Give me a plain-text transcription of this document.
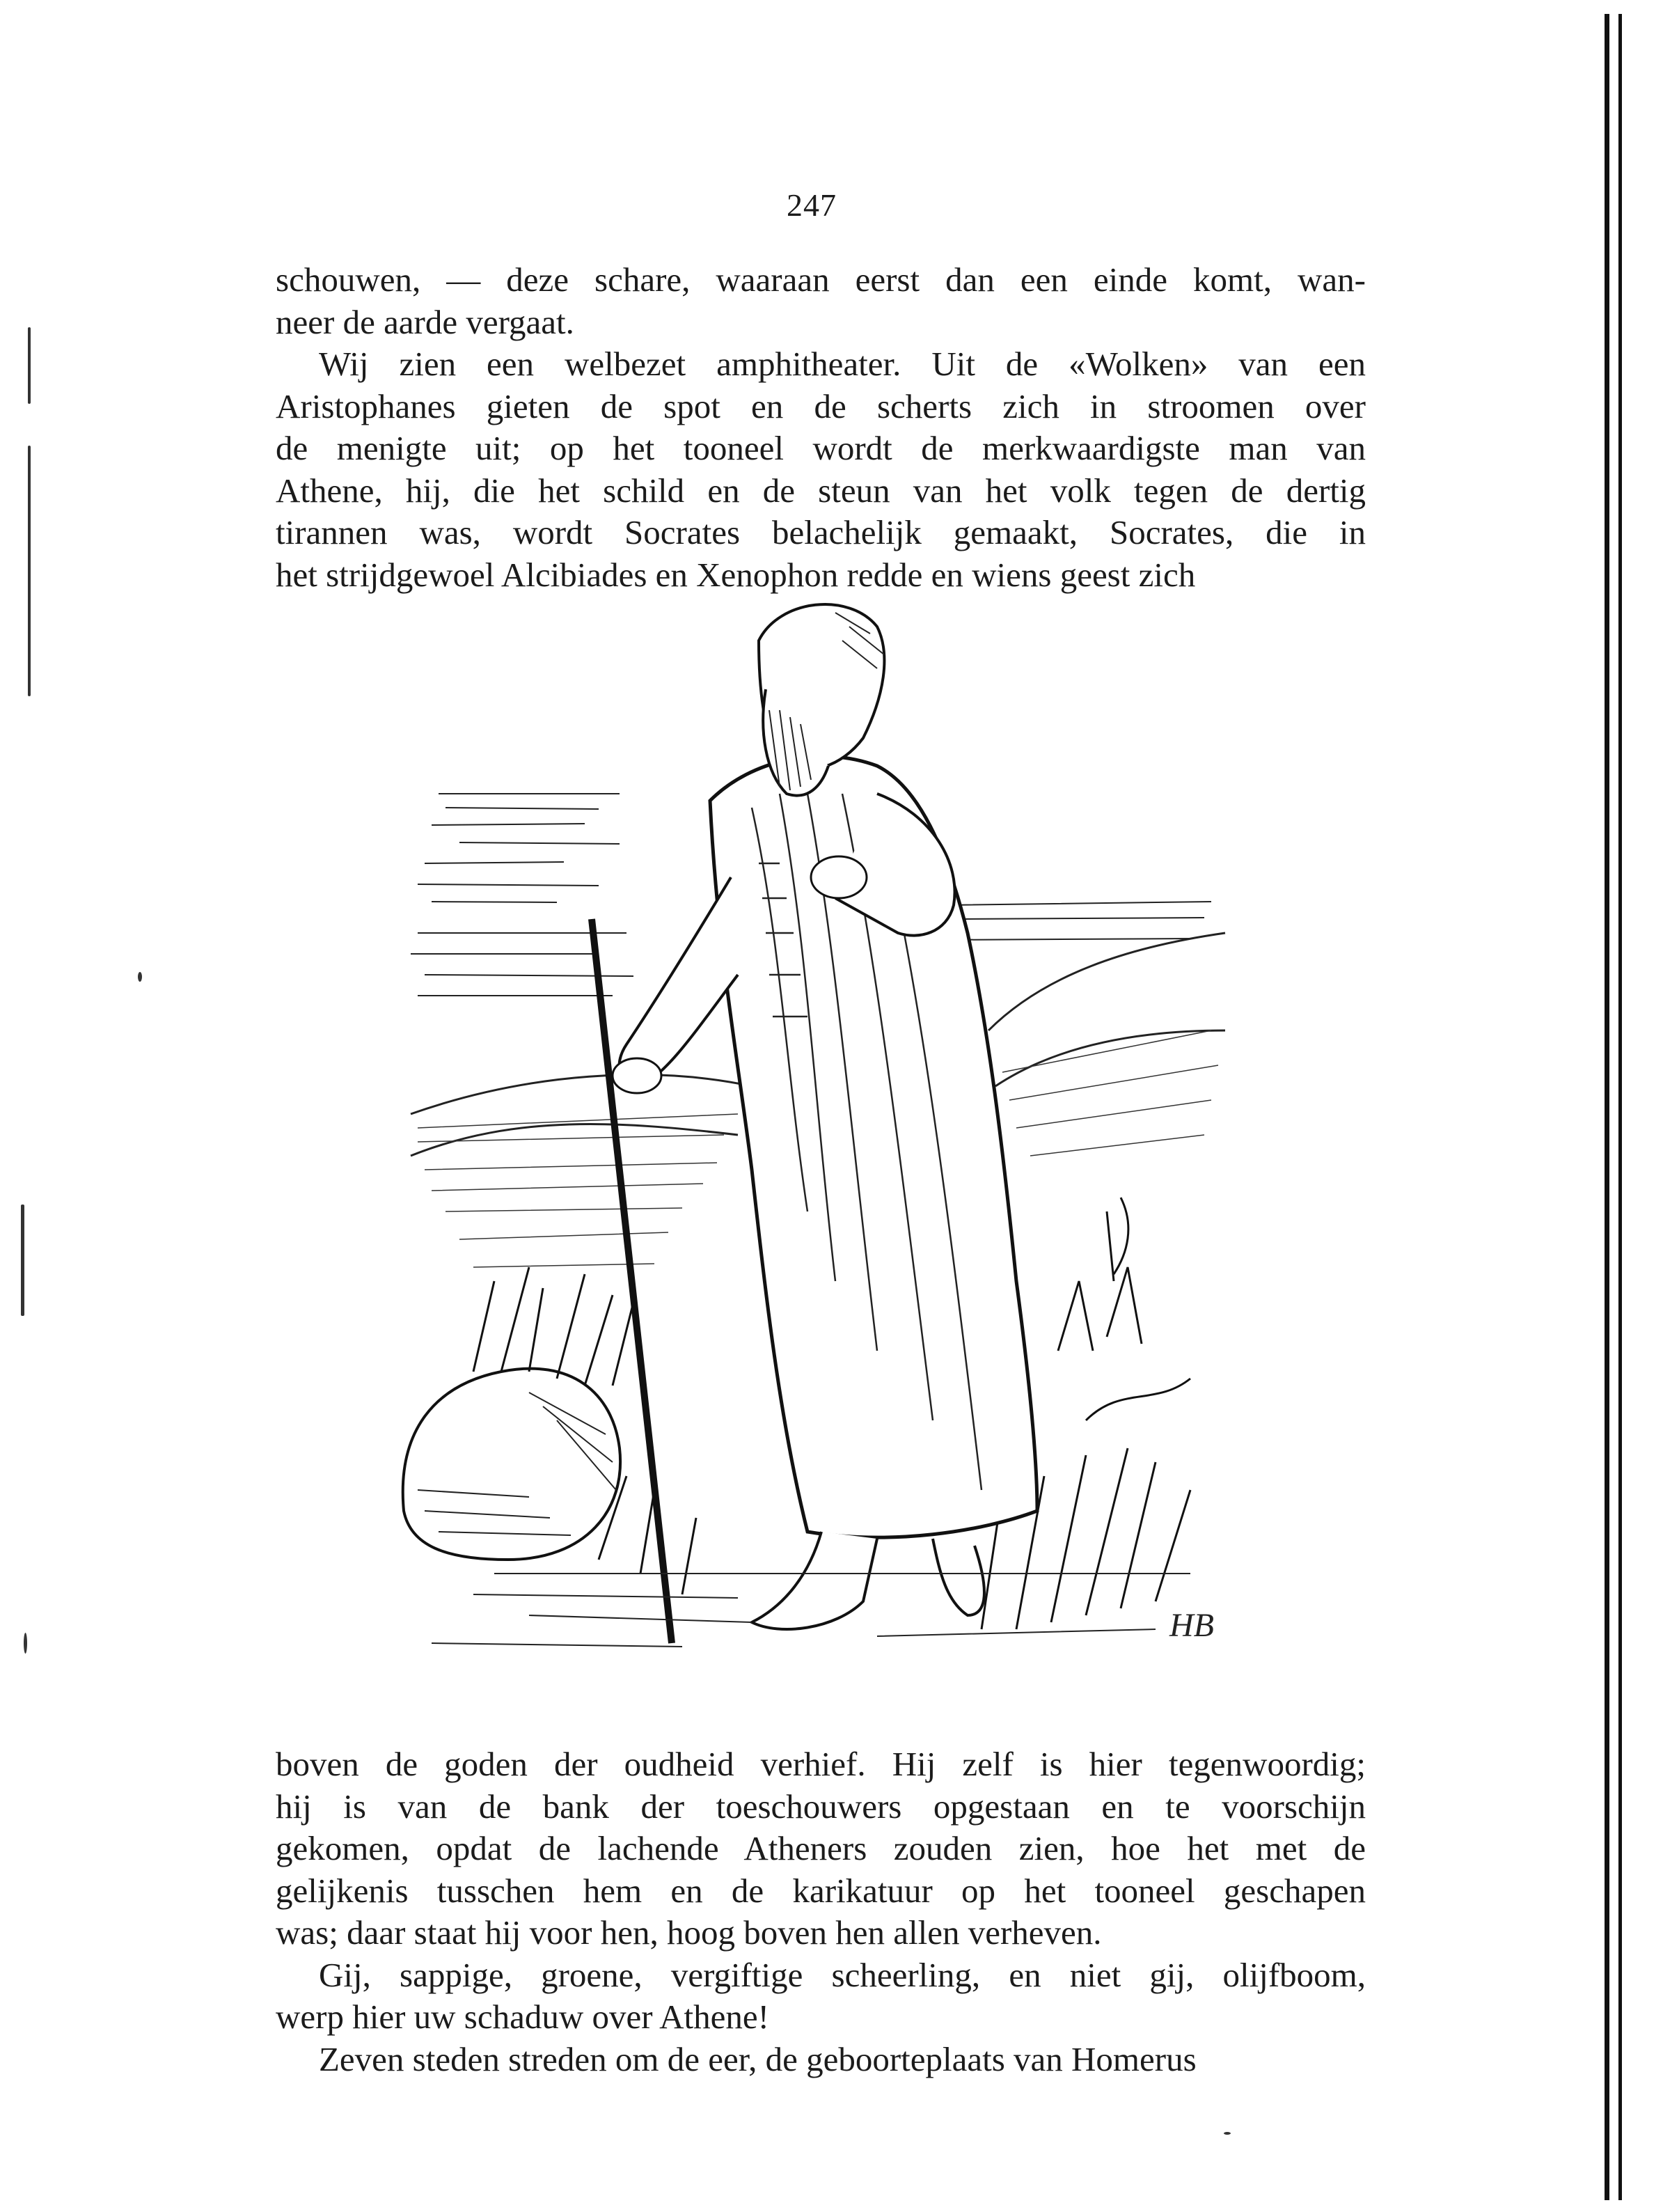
247
schouwen, — deze schare, waaraan eerst dan een einde komt, wan-
neer de aarde vergaat.
Wij zien een welbezet amphitheater. Uit de «Wolken» van een
Aristophanes gieten de spot en de scherts zich in stroomen over
de menigte uit; op het tooneel wordt de merkwaardigste man van
Athene, hij, die het schild en de steun van het volk tegen de dertig
tirannen was, wordt Socrates belachelijk gemaakt, Socrates, die in
het strijdgewoel Alcibiades en Xenophon redde en wiens geest zich
HB
boven de goden der oudheid verhief. Hij zelf is hier tegenwoordig;
hij is van de bank der toeschouwers opgestaan en te voorschijn
gekomen, opdat de lachende Atheners zouden zien, hoe het met de
gelijkenis tusschen hem en de karikatuur op het tooneel geschapen
was; daar staat hij voor hen, hoog boven hen allen verheven.
Gij, sappige, groene, vergiftige scheerling, en niet gij, olijfboom,
werp hier uw schaduw over Athene!
Zeven steden streden om de eer, de geboorteplaats van Homerus
